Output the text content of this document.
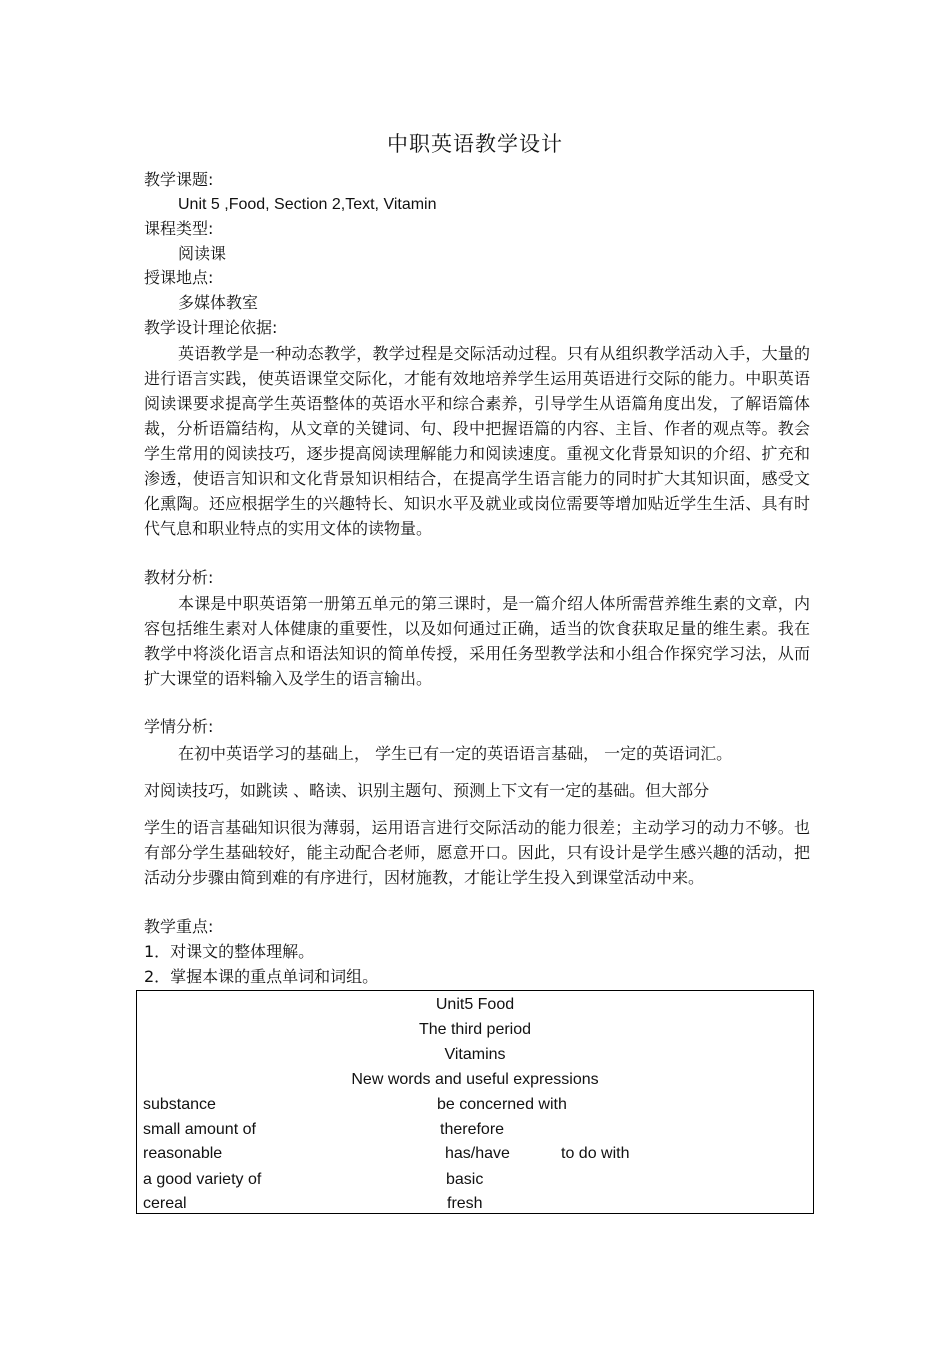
中职英语教学设计
教学课题:
Unit 5 ,Food, Section 2,Text, Vitamin
课程类型:
阅读课
授课地点:
多媒体教室
教学设计理论依据:

英语教学是一种动态教学，教学过程是交际活动过程。只有从组织教学活动入手，大量的进行语言实践，使英语课堂交际化，才能有效地培养学生运用英语进行交际的能力。中职英语阅读课要求提高学生英语整体的英语水平和综合素养，引导学生从语篇角度出发，了解语篇体裁，分析语篇结构，从文章的关键词、句、段中把握语篇的内容、主旨、作者的观点等。教会学生常用的阅读技巧，逐步提高阅读理解能力和阅读速度。重视文化背景知识的介绍、扩充和渗透，使语言知识和文化背景知识相结合，在提高学生语言能力的同时扩大其知识面，感受文化熏陶。还应根据学生的兴趣特长、知识水平及就业或岗位需要等增加贴近学生生活、具有时代气息和职业特点的实用文体的读物量。

教材分析:

本课是中职英语第一册第五单元的第三课时，是一篇介绍人体所需营养维生素的文章，内容包括维生素对人体健康的重要性，以及如何通过正确，适当的饮食获取足量的维生素。我在教学中将淡化语言点和语法知识的简单传授，采用任务型教学法和小组合作探究学习法，从而扩大课堂的语料输入及学生的语言输出。

学情分析:
在初中英语学习的基础上， 学生已有一定的英语语言基础， 一定的英语词汇。
对阅读技巧，如跳读 、略读、识别主题句、预测上下文有一定的基础。但大部分

学生的语言基础知识很为薄弱，运用语言进行交际活动的能力很差；主动学习的动力不够。也有部分学生基础较好，能主动配合老师，愿意开口。因此，只有设计是学生感兴趣的活动，把活动分步骤由简到难的有序进行，因材施教，才能让学生投入到课堂活动中来。

教学重点:
1．对课文的整体理解。
2．掌握本课的重点单词和词组。
Unit5 Food
The third period
Vitamins
New words and useful expressions
substance
small amount of
reasonable
a good variety of
cereal
be concerned with
therefore
has/have	to do with
basic
fresh
